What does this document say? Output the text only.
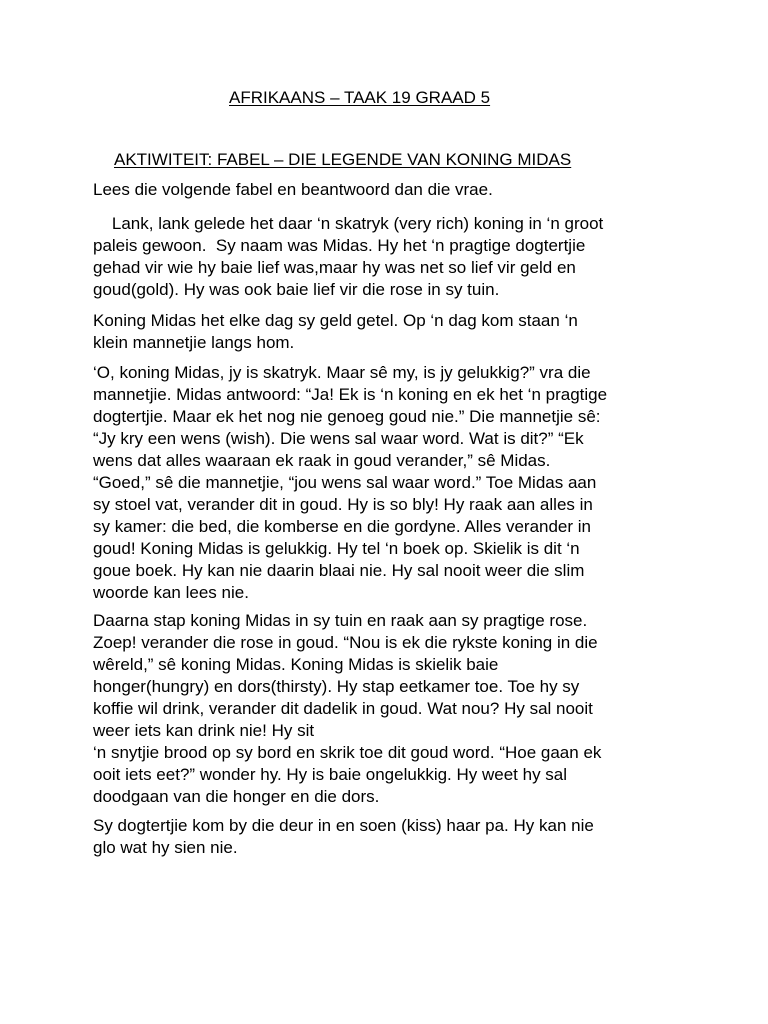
AFRIKAANS – TAAK 19 GRAAD 5
AKTIWITEIT: FABEL – DIE LEGENDE VAN KONING MIDAS

Lees die volgende fabel en beantwoord dan die vrae.

Lank, lank gelede het daar ‘n skatryk (very rich) koning in ‘n groot
paleis gewoon.  Sy naam was Midas. Hy het ‘n pragtige dogtertjie
gehad vir wie hy baie lief was,maar hy was net so lief vir geld en
goud(gold). Hy was ook baie lief vir die rose in sy tuin.

Koning Midas het elke dag sy geld getel. Op ‘n dag kom staan ‘n
klein mannetjie langs hom.

‘O, koning Midas, jy is skatryk. Maar sê my, is jy gelukkig?” vra die
mannetjie. Midas antwoord: “Ja! Ek is ‘n koning en ek het ‘n pragtige
dogtertjie. Maar ek het nog nie genoeg goud nie.” Die mannetjie sê:
“Jy kry een wens (wish). Die wens sal waar word. Wat is dit?” “Ek
wens dat alles waaraan ek raak in goud verander,” sê Midas.
“Goed,” sê die mannetjie, “jou wens sal waar word.” Toe Midas aan
sy stoel vat, verander dit in goud. Hy is so bly! Hy raak aan alles in
sy kamer: die bed, die komberse en die gordyne. Alles verander in
goud! Koning Midas is gelukkig. Hy tel ‘n boek op. Skielik is dit ‘n
goue boek. Hy kan nie daarin blaai nie. Hy sal nooit weer die slim
woorde kan lees nie.

Daarna stap koning Midas in sy tuin en raak aan sy pragtige rose.
Zoep! verander die rose in goud. “Nou is ek die rykste koning in die
wêreld,” sê koning Midas. Koning Midas is skielik baie
honger(hungry) en dors(thirsty). Hy stap eetkamer toe. Toe hy sy
koffie wil drink, verander dit dadelik in goud. Wat nou? Hy sal nooit
weer iets kan drink nie! Hy sit
‘n snytjie brood op sy bord en skrik toe dit goud word. “Hoe gaan ek
ooit iets eet?” wonder hy. Hy is baie ongelukkig. Hy weet hy sal
doodgaan van die honger en die dors.

Sy dogtertjie kom by die deur in en soen (kiss) haar pa. Hy kan nie
glo wat hy sien nie.
